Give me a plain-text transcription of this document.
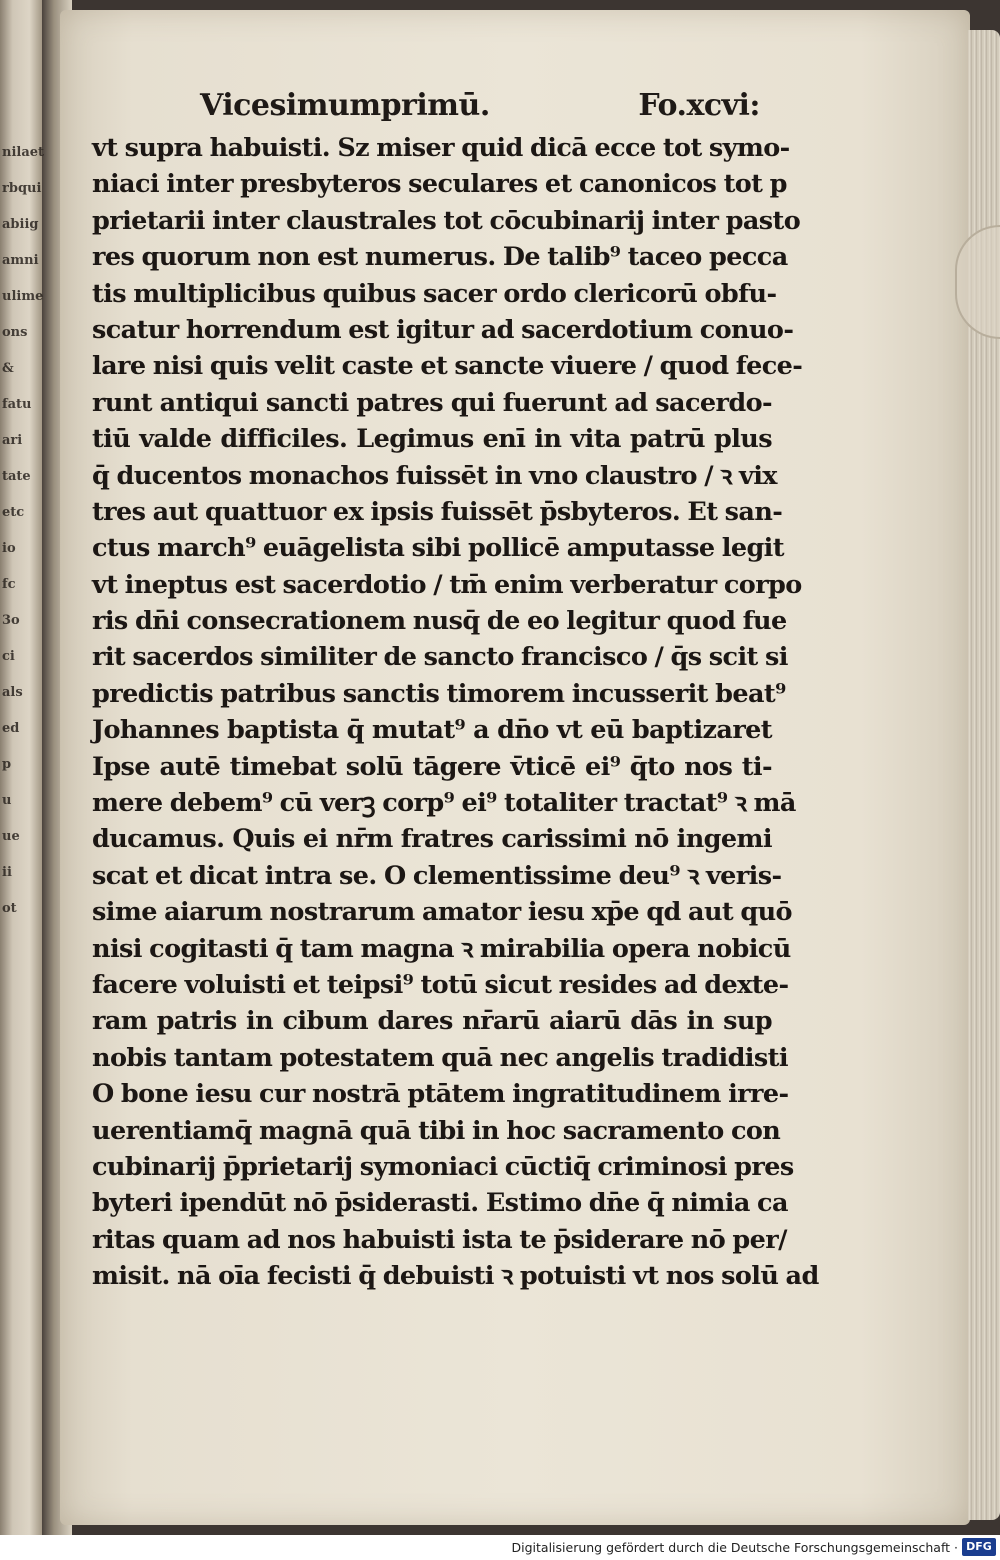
Vicesimumprimū.	Fo.xcvi:
vt supra habuisti. Sz miser quid dicā ecce tot symo-
niaci inter presbyteros seculares et canonicos tot p
prietarii inter claustrales tot cōcubinarij inter pasto
res quorum non est numerus. De talib⁹ taceo pecca
tis multiplicibus quibus sacer ordo clericorū obfu-
scatur horrendum est igitur ad sacerdotium conuo-
lare nisi quis velit caste et sancte viuere / quod fece-
runt antiqui sancti patres qui fuerunt ad sacerdo-
tiū valde difficiles. Legimus enī in vita patrū plus
q̄ ducentos monachos fuissēt in vno claustro / ꝛ vix
tres aut quattuor ex ipsis fuissēt p̄sbyteros. Et san-
ctus march⁹ euāgelista sibi pollicē amputasse legit
vt ineptus est sacerdotio / tm̄ enim verberatur corpo
ris dn̄i consecrationem nusq̄ de eo legitur quod fue
rit sacerdos similiter de sancto francisco / q̄s scit si
predictis patribus sanctis timorem incusserit beat⁹
Johannes baptista q̄ mutat⁹ a dn̄o vt eū baptizaret
Ipse autē timebat solū tāgere v̄ticē ei⁹ q̄to nos ti-
mere debem⁹ cū verꝫ corp⁹ ei⁹ totaliter tractat⁹ ꝛ mā
ducamus. Quis ei nr̄m fratres carissimi nō ingemi
scat et dicat intra se. O clementissime deu⁹ ꝛ veris-
sime aiarum nostrarum amator iesu xp̄e qd aut quō
nisi cogitasti q̄ tam magna ꝛ mirabilia opera nobicū
facere voluisti et teipsi⁹ totū sicut resides ad dexte-
ram patris in cibum dares nr̄arū aiarū dās in sup
nobis tantam potestatem quā nec angelis tradidisti
O bone iesu cur nostrā ptātem ingratitudinem irre-
uerentiamq̄ magnā quā tibi in hoc sacramento con
cubinarij p̄prietarij symoniaci cūctiq̄ criminosi pres
byteri ipendūt nō p̄siderasti. Estimo dn̄e q̄ nimia ca
ritas quam ad nos habuisti ista te p̄siderare nō per/
misit. nā oīa fecisti q̄ debuisti ꝛ potuisti vt nos solū ad
nilaet
rbqui
abiig
amni
ulime
ons
&
fatu
ari
tate
etc
io
fc
3o
ci
als
ed
p
u
ue
ii
ot
Digitalisierung gefördert durch die Deutsche Forschungsgemeinschaft · DFG
